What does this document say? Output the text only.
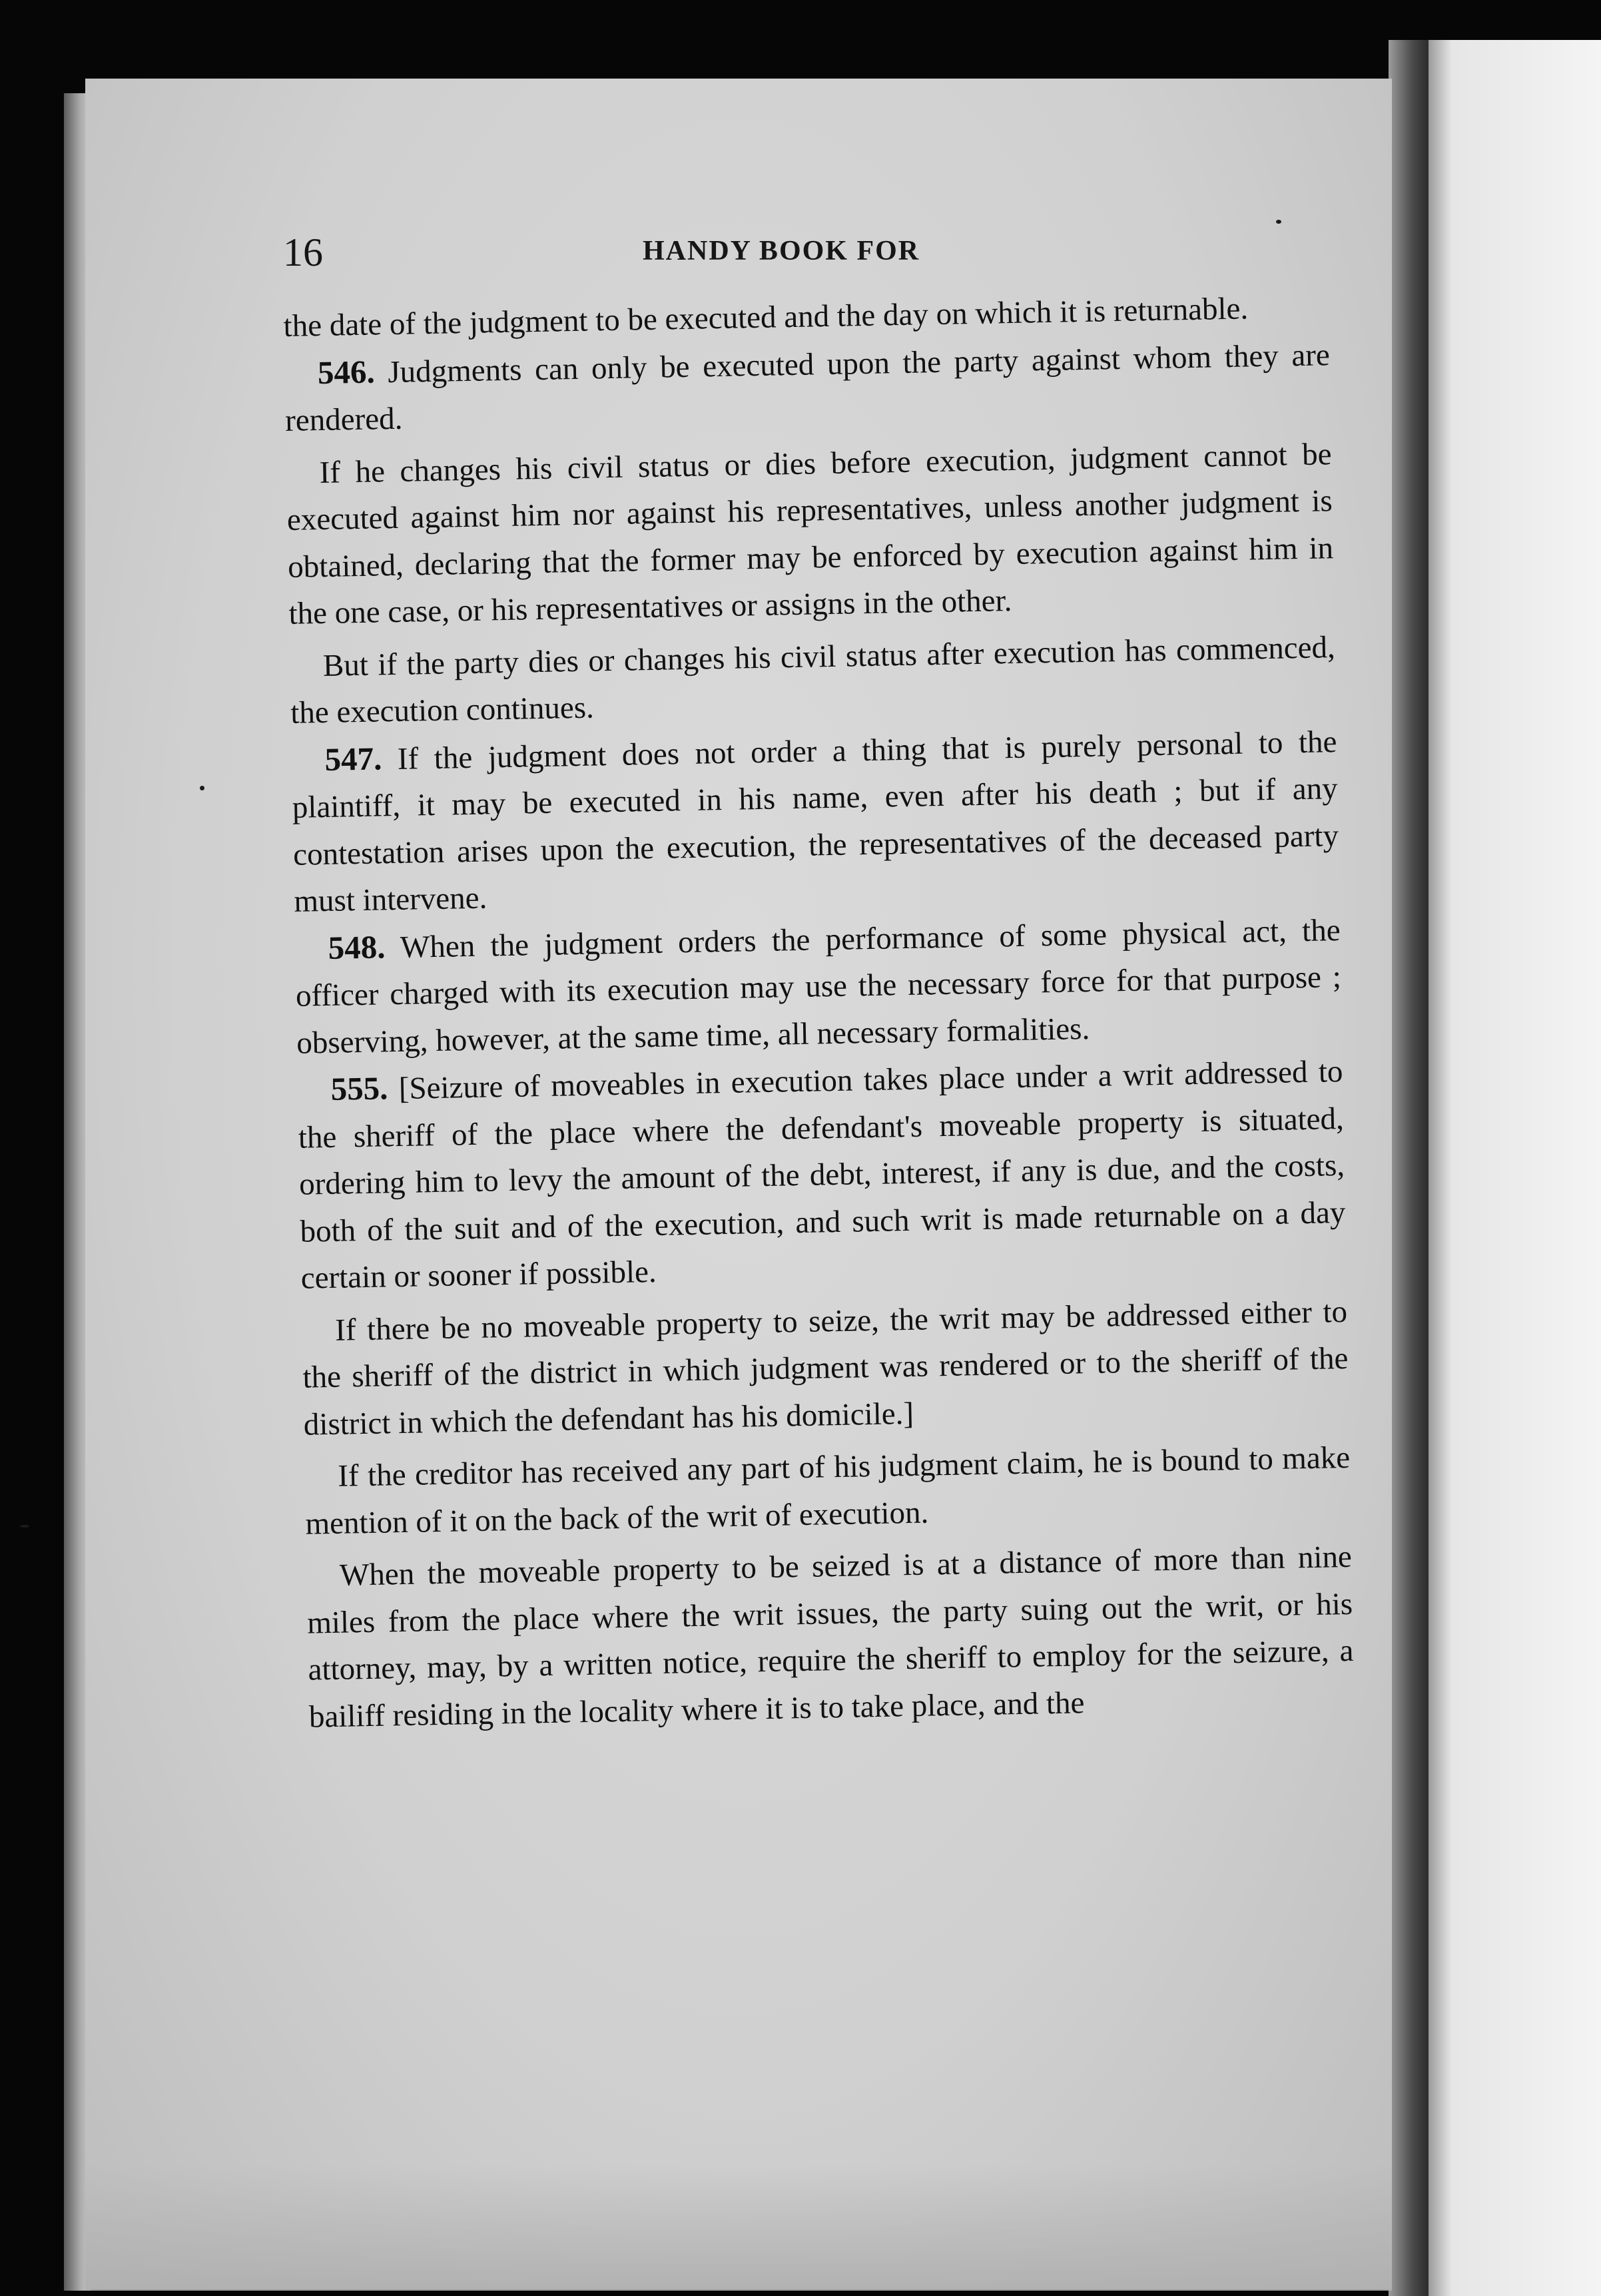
16	HANDY BOOK FOR

the date of the judgment to be executed and the day on which it is returnable.

546. Judgments can only be executed upon the party against whom they are rendered.

If he changes his civil status or dies before execution, judgment cannot be executed against him nor against his representatives, unless another judgment is obtained, declaring that the former may be enforced by execution against him in the one case, or his representatives or assigns in the other.

But if the party dies or changes his civil status after execution has commenced, the execution continues.

547. If the judgment does not order a thing that is purely personal to the plaintiff, it may be executed in his name, even after his death ; but if any contestation arises upon the execution, the representatives of the deceased party must intervene.

548. When the judgment orders the performance of some physical act, the officer charged with its execution may use the necessary force for that purpose ; observing, however, at the same time, all necessary formalities.

555. [Seizure of moveables in execution takes place under a writ addressed to the sheriff of the place where the defendant's moveable property is situated, ordering him to levy the amount of the debt, interest, if any is due, and the costs, both of the suit and of the execution, and such writ is made returnable on a day certain or sooner if possible.

If there be no moveable property to seize, the writ may be addressed either to the sheriff of the district in which judgment was rendered or to the sheriff of the district in which the defendant has his domicile.]

If the creditor has received any part of his judgment claim, he is bound to make mention of it on the back of the writ of execution.

When the moveable property to be seized is at a distance of more than nine miles from the place where the writ issues, the party suing out the writ, or his attorney, may, by a written notice, require the sheriff to employ for the seizure, a bailiff residing in the locality where it is to take place, and the
